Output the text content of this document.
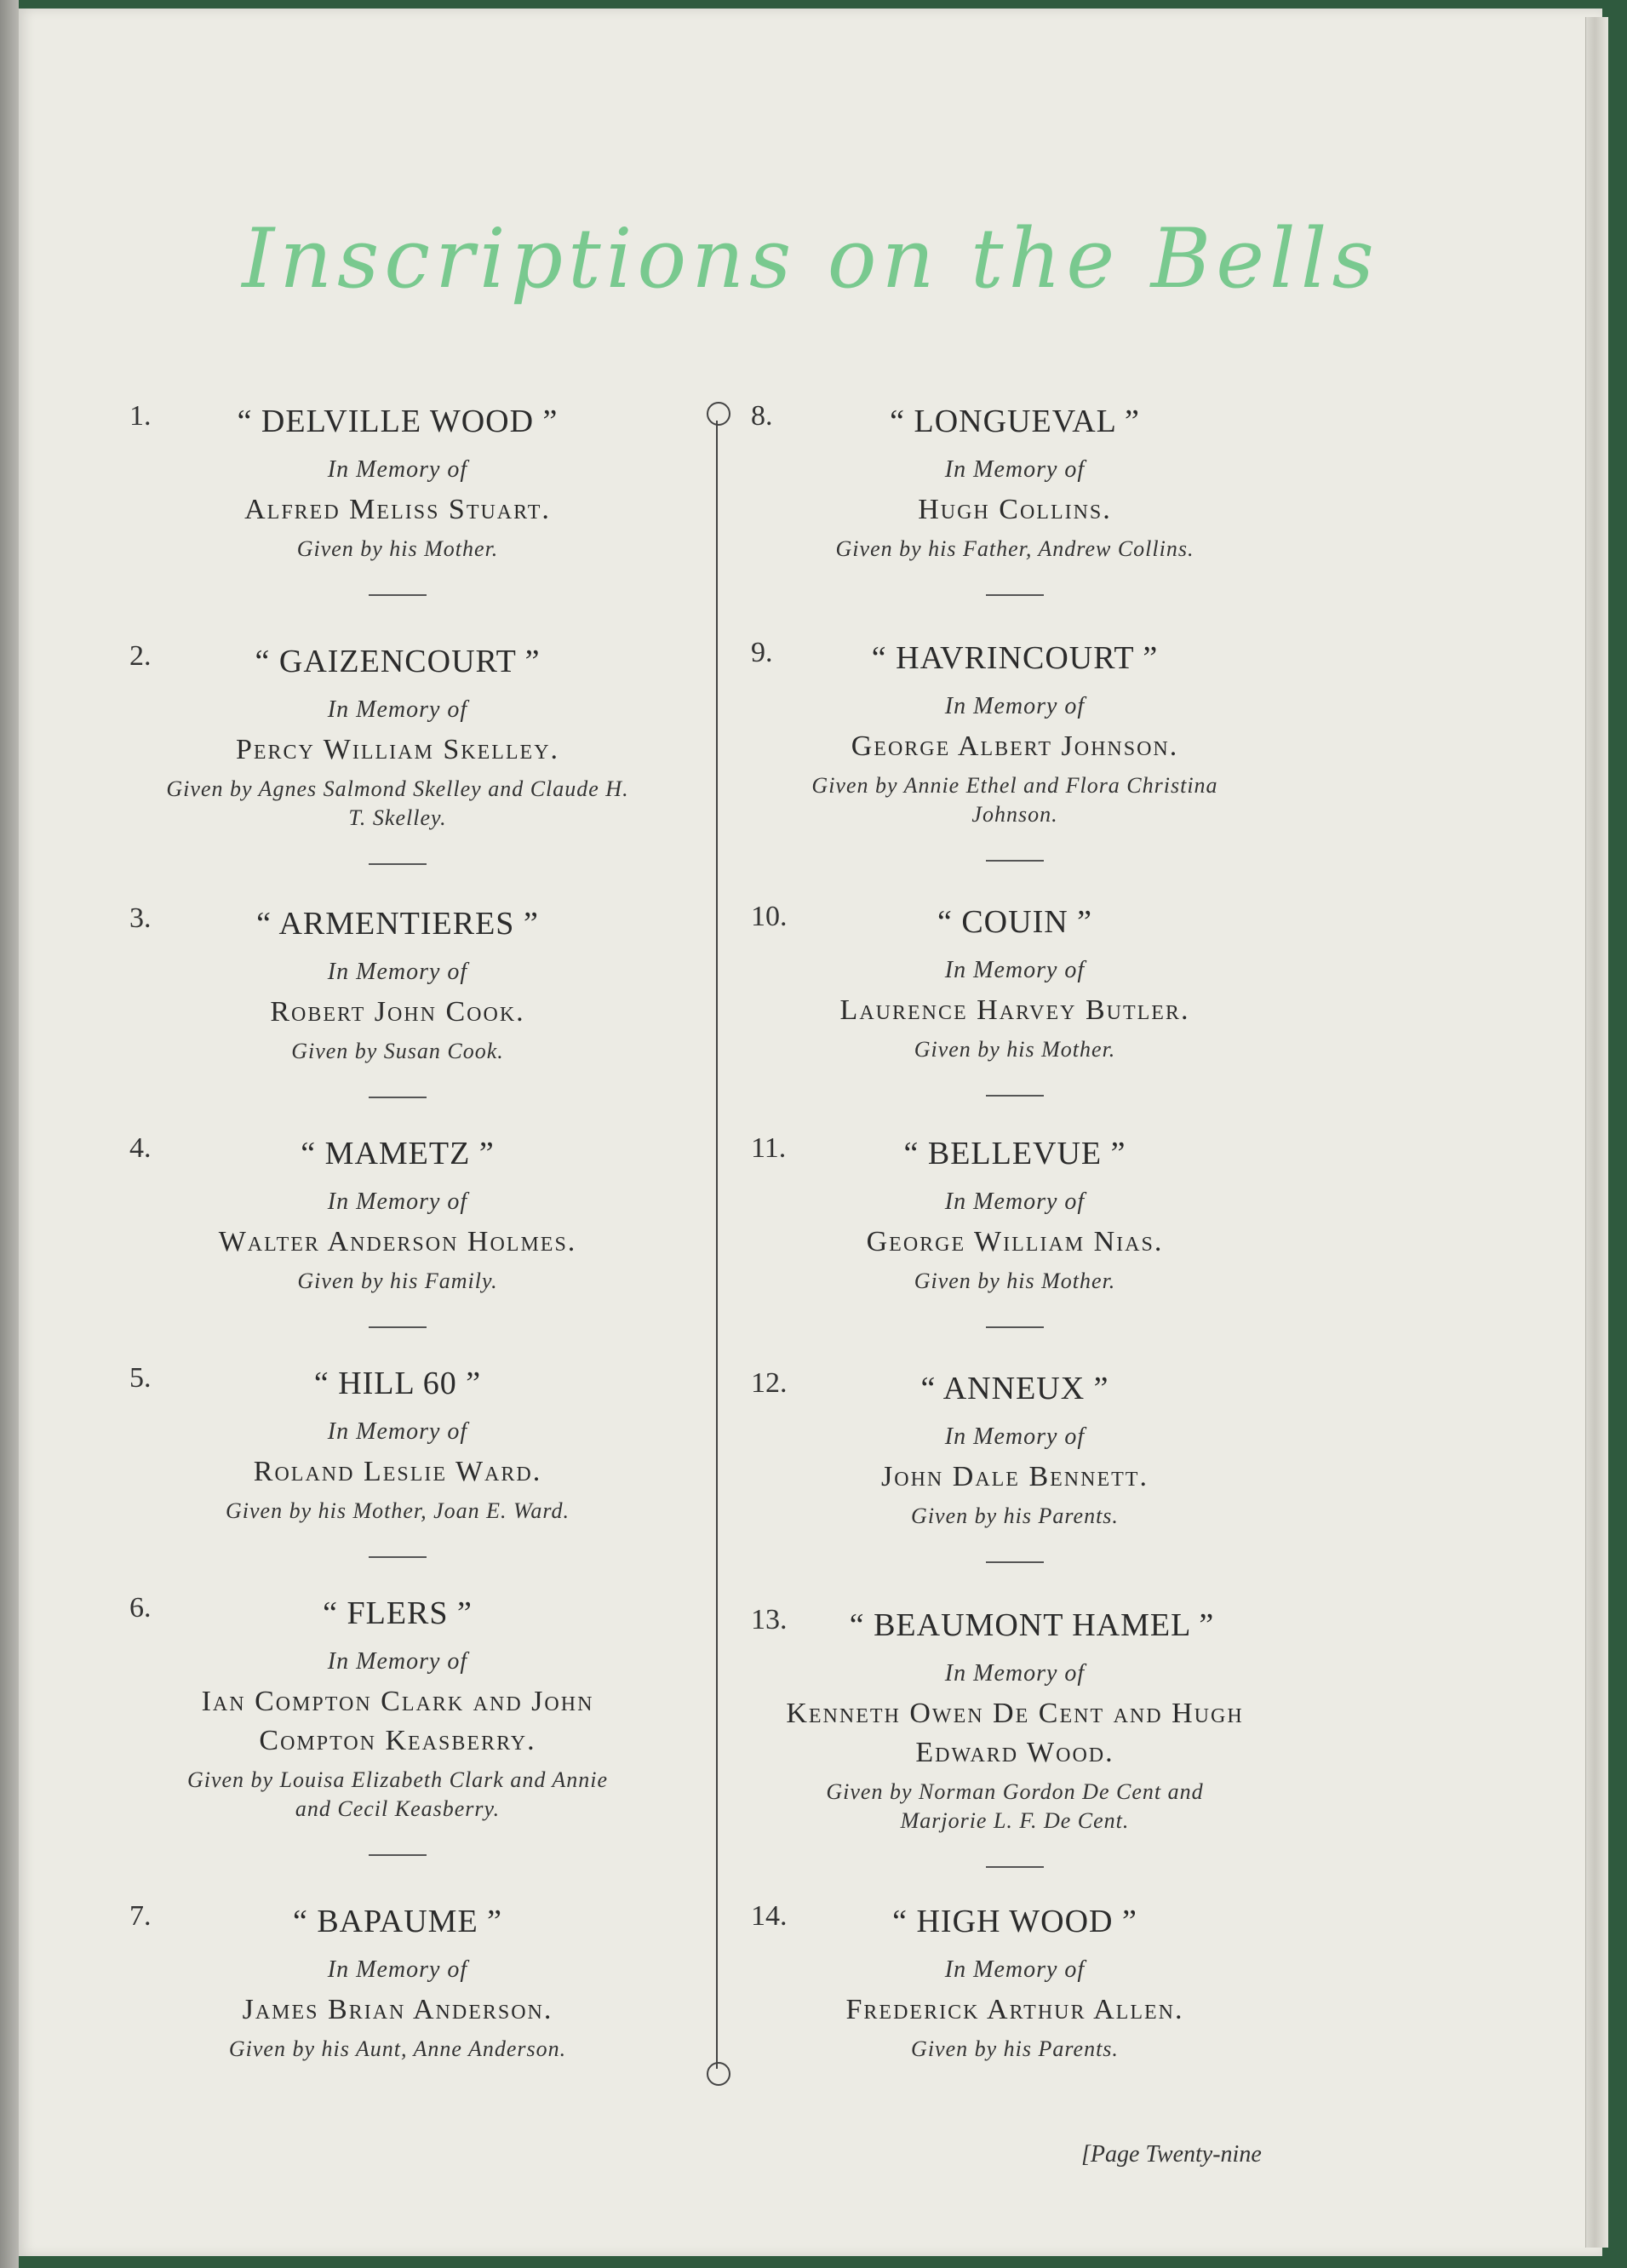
Inscriptions on the Bells
1.	“ DELVILLE WOOD ”
In Memory of
Alfred Meliss Stuart.
Given by his Mother.
2.	“ GAIZENCOURT ”
In Memory of
Percy William Skelley.
Given by Agnes Salmond Skelley and Claude H. T. Skelley.
3.	“ ARMENTIERES ”
In Memory of
Robert John Cook.
Given by Susan Cook.
4.	“ MAMETZ ”
In Memory of
Walter Anderson Holmes.
Given by his Family.
5.	“ HILL 60 ”
In Memory of
Roland Leslie Ward.
Given by his Mother, Joan E. Ward.
6.	“ FLERS ”
In Memory of
Ian Compton Clark and John Compton Keasberry.
Given by Louisa Elizabeth Clark and Annie and Cecil Keasberry.
7.	“ BAPAUME ”
In Memory of
James Brian Anderson.
Given by his Aunt, Anne Anderson.
8.	“ LONGUEVAL ”
In Memory of
Hugh Collins.
Given by his Father, Andrew Collins.
9.	“ HAVRINCOURT ”
In Memory of
George Albert Johnson.
Given by Annie Ethel and Flora Christina Johnson.
10.	“ COUIN ”
In Memory of
Laurence Harvey Butler.
Given by his Mother.
11.	“ BELLEVUE ”
In Memory of
George William Nias.
Given by his Mother.
12.	“ ANNEUX ”
In Memory of
John Dale Bennett.
Given by his Parents.
13.	“ BEAUMONT HAMEL ”
In Memory of
Kenneth Owen De Cent and Hugh Edward Wood.
Given by Norman Gordon De Cent and Marjorie L. F. De Cent.
14.	“ HIGH WOOD ”
In Memory of
Frederick Arthur Allen.
Given by his Parents.
[Page Twenty-nine
